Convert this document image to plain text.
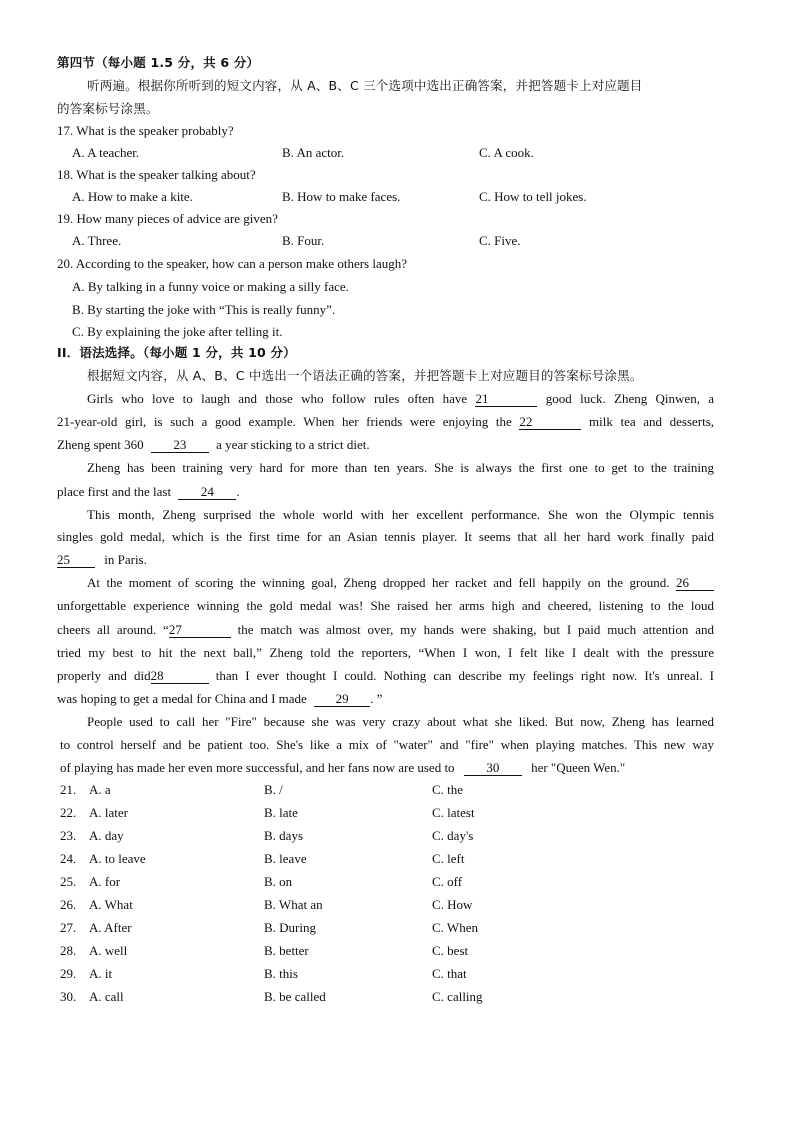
第四节（每小题 1.5 分，共 6 分）
听两遍。根据你所听到的短文内容，从 A、B、C 三个选项中选出正确答案，并把答题卡上对应题目
的答案标号涂黑。
17. What is the speaker probably?
A. A teacher.	B. An actor.	C. A cook.
18. What is the speaker talking about?
A. How to make a kite.	B. How to make faces.	C. How to tell jokes.
19. How many pieces of advice are given?
A. Three.	B. Four.	C. Five.
20. According to the speaker, how can a person make others laugh?
A. By talking in a funny voice or making a silly face.
B. By starting the joke with “This is really funny”.
C. By explaining the joke after telling it.
II．语法选择。（每小题 1 分，共 10 分）
根据短文内容，从 A、B、C 中选出一个语法正确的答案，并把答题卡上对应题目的答案标号涂黑。
Girls who love to laugh and those who follow rules often have 21	good luck. Zheng Qinwen, a
21-year-old girl, is such a good example. When her friends were enjoying the 22	milk tea and desserts,
Zheng spent 360 23 a year sticking to a strict diet.
Zheng has been training very hard for more than ten years. She is always the first one to get to the training
place first and the last 24 .
This month, Zheng surprised the whole world with her excellent performance. She won the Olympic tennis
singles gold medal, which is the first time for an Asian tennis player. It seems that all her hard work finally paid
25	in Paris.
At the moment of scoring the winning goal, Zheng dropped her racket and fell happily on the ground. 26
unforgettable experience winning the gold medal was! She raised her arms high and cheered, listening to the loud
cheers all around. “27	the match was almost over, my hands were shaking, but I paid much attention and
tried my best to hit the next ball,” Zheng told the reporters, “When I won, I felt like I dealt with the pressure
properly and did28	than I ever thought I could. Nothing can describe my feelings right now. It's unreal. I
was hoping to get a medal for China and I made 29 . ”
People used to call her "Fire" because she was very crazy about what she liked. But now, Zheng has learned
to control herself and be patient too. She's like a mix of "water" and "fire" when playing matches. This new way
of playing has made her even more successful, and her fans now are used to 30 her "Queen Wen."
21. A. a	B. /	C. the
22. A. later	B. late	C. latest
23. A. day	B. days	C. day's
24. A. to leave	B. leave	C. left
25. A. for	B. on	C. off
26. A. What	B. What an	C. How
27. A. After	B. During	C. When
28. A. well	B. better	C. best
29. A. it	B. this	C. that
30. A. call	B. be called	C. calling
